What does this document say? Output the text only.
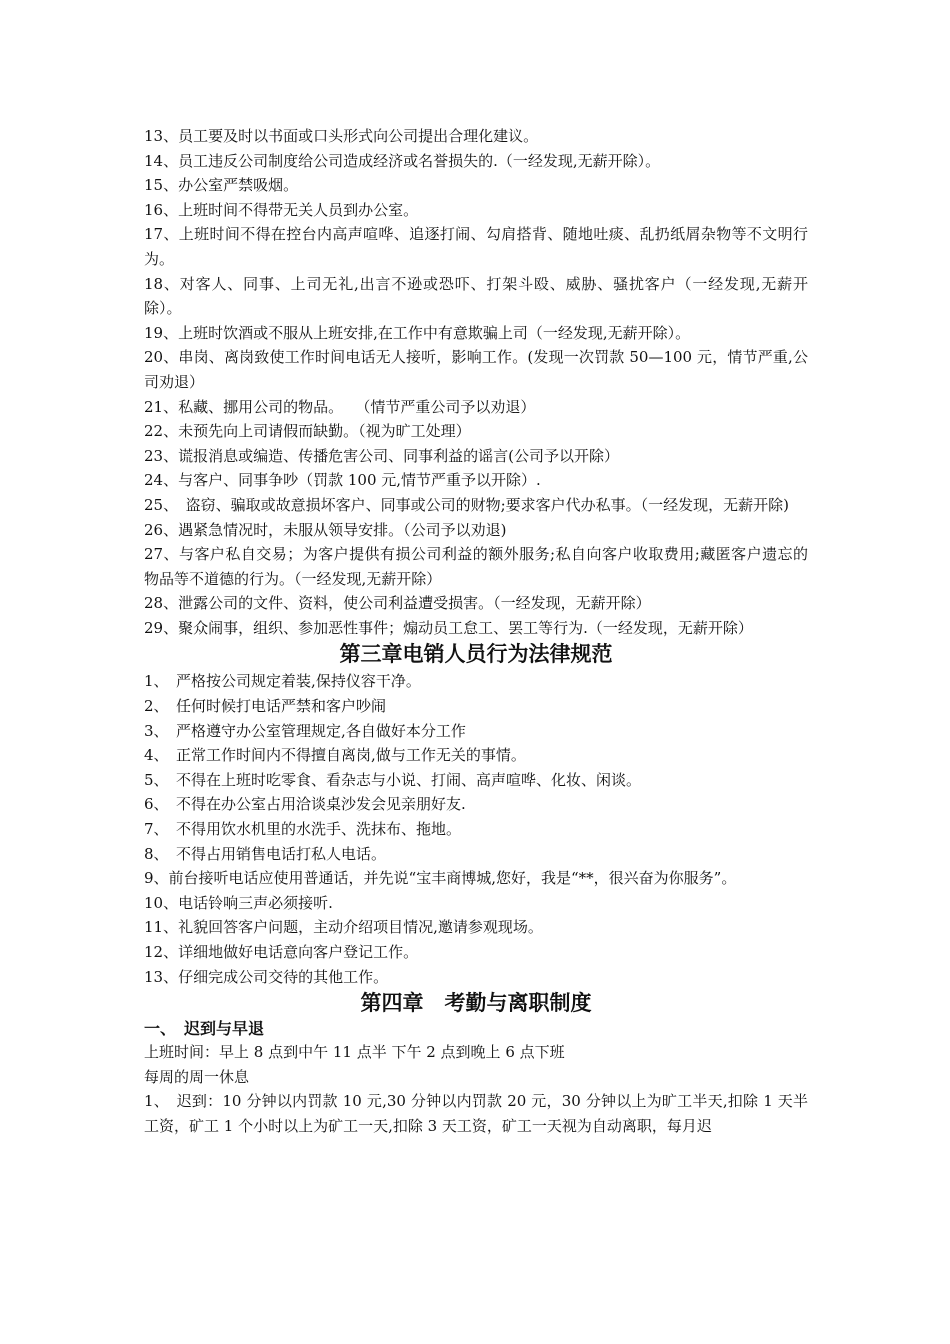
13、员工要及时以书面或口头形式向公司提出合理化建议。

14、员工违反公司制度给公司造成经济或名誉损失的.（一经发现,无薪开除）。

15、办公室严禁吸烟。

16、上班时间不得带无关人员到办公室。

17、上班时间不得在控台内高声喧哗、追逐打闹、勾肩搭背、随地吐痰、乱扔纸屑杂物等不文明行为。

18、对客人、同事、上司无礼,出言不逊或恐吓、打架斗殴、威胁、骚扰客户（一经发现,无薪开除）。

19、上班时饮酒或不服从上班安排,在工作中有意欺骗上司（一经发现,无薪开除）。

20、串岗、离岗致使工作时间电话无人接听，影响工作。(发现一次罚款 50—100 元，情节严重,公司劝退）

21、私藏、挪用公司的物品。　 （情节严重公司予以劝退）

22、未预先向上司请假而缺勤。（视为旷工处理）

23、谎报消息或编造、传播危害公司、同事利益的谣言(公司予以开除）

24、与客户、同事争吵（罚款 100 元,情节严重予以开除）.

25、　盗窃、骗取或故意损坏客户、同事或公司的财物;要求客户代办私事。（一经发现，无薪开除)

26、遇紧急情况时，未服从领导安排。（公司予以劝退)

27、与客户私自交易；为客户提供有损公司利益的额外服务;私自向客户收取费用;藏匿客户遗忘的　物品等不道德的行为。（一经发现,无薪开除）

28、泄露公司的文件、资料，使公司利益遭受损害。（一经发现，无薪开除）

29、聚众闹事，组织、参加恶性事件；煽动员工怠工、罢工等行为.（一经发现，无薪开除）

第三章电销人员行为法律规范

1、　严格按公司规定着装,保持仪容干净。

2、　任何时候打电话严禁和客户吵闹

3、　严格遵守办公室管理规定,各自做好本分工作

4、　正常工作时间内不得擅自离岗,做与工作无关的事情。

5、　不得在上班时吃零食、看杂志与小说、打闹、高声喧哗、化妆、闲谈。

6、　不得在办公室占用洽谈桌沙发会见亲朋好友.

7、　不得用饮水机里的水洗手、洗抹布、拖地。

8、　不得占用销售电话打私人电话。

9、前台接听电话应使用普通话，并先说“宝丰商博城,您好，我是“**，很兴奋为你服务”。

10、电话铃响三声必须接听.

11、礼貌回答客户问题，主动介绍项目情况,邀请参观现场。

12、详细地做好电话意向客户登记工作。

13、仔细完成公司交待的其他工作。

第四章　考勤与离职制度
一、　迟到与早退

上班时间：早上 8 点到中午 11 点半 下午 2 点到晚上 6 点下班

每周的周一休息

1、　迟到：10 分钟以内罚款 10 元,30 分钟以内罚款 20 元，30 分钟以上为旷工半天,扣除 1 天半工资，矿工 1 个小时以上为矿工一天,扣除 3 天工资，矿工一天视为自动离职，每月迟
